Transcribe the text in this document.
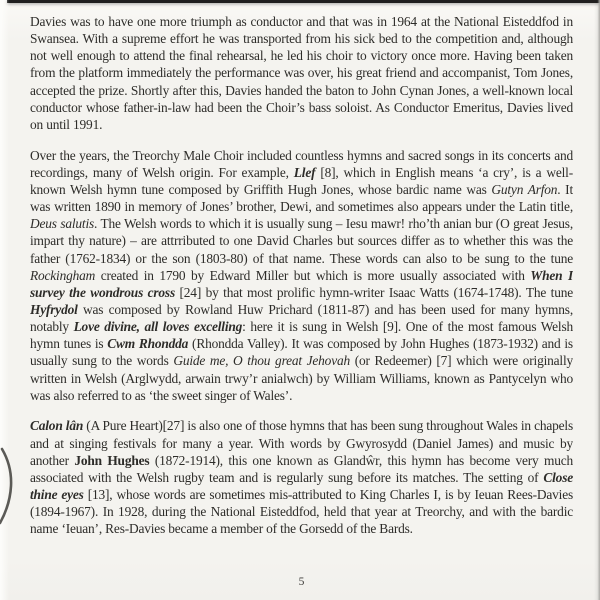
Davies was to have one more triumph as conductor and that was in 1964 at the National Eisteddfod in Swansea. With a supreme effort he was transported from his sick bed to the competition and, although not well enough to attend the final rehearsal, he led his choir to victory once more. Having been taken from the platform immediately the performance was over, his great friend and accompanist, Tom Jones, accepted the prize. Shortly after this, Davies handed the baton to John Cynan Jones, a well-known local conductor whose father-in-law had been the Choir’s bass soloist. As Conductor Emeritus, Davies lived on until 1991.

Over the years, the Treorchy Male Choir included countless hymns and sacred songs in its concerts and recordings, many of Welsh origin. For example, Llef [8], which in English means ‘a cry’, is a well-known Welsh hymn tune composed by Griffith Hugh Jones, whose bardic name was Gutyn Arfon. It was written 1890 in memory of Jones’ brother, Dewi, and sometimes also appears under the Latin title, Deus salutis. The Welsh words to which it is usually sung – Iesu mawr! rho’th anian bur (O great Jesus, impart thy nature) – are attrributed to one David Charles but sources differ as to whether this was the father (1762-1834) or the son (1803-80) of that name. These words can also to be sung to the tune Rockingham created in 1790 by Edward Miller but which is more usually associated with When I survey the wondrous cross [24] by that most prolific hymn-writer Isaac Watts (1674-1748). The tune Hyfrydol was composed by Rowland Huw Prichard (1811-87) and has been used for many hymns, notably Love divine, all loves excelling: here it is sung in Welsh [9]. One of the most famous Welsh hymn tunes is Cwm Rhondda (Rhondda Valley). It was composed by John Hughes (1873-1932) and is usually sung to the words Guide me, O thou great Jehovah (or Redeemer) [7] which were originally written in Welsh (Arglwydd, arwain trwy’r anialwch) by William Williams, known as Pantycelyn who was also referred to as ‘the sweet singer of Wales’.

Calon lân (A Pure Heart)[27] is also one of those hymns that has been sung throughout Wales in chapels and at singing festivals for many a year. With words by Gwyrosydd (Daniel James) and music by another John Hughes (1872-1914), this one known as Glandŵr, this hymn has become very much associated with the Welsh rugby team and is regularly sung before its matches. The setting of Close thine eyes [13], whose words are sometimes mis-attributed to King Charles I, is by Ieuan Rees-Davies (1894-1967). In 1928, during the National Eisteddfod, held that year at Treorchy, and with the bardic name ‘Ieuan’, Res-Davies became a member of the Gorsedd of the Bards.

5
